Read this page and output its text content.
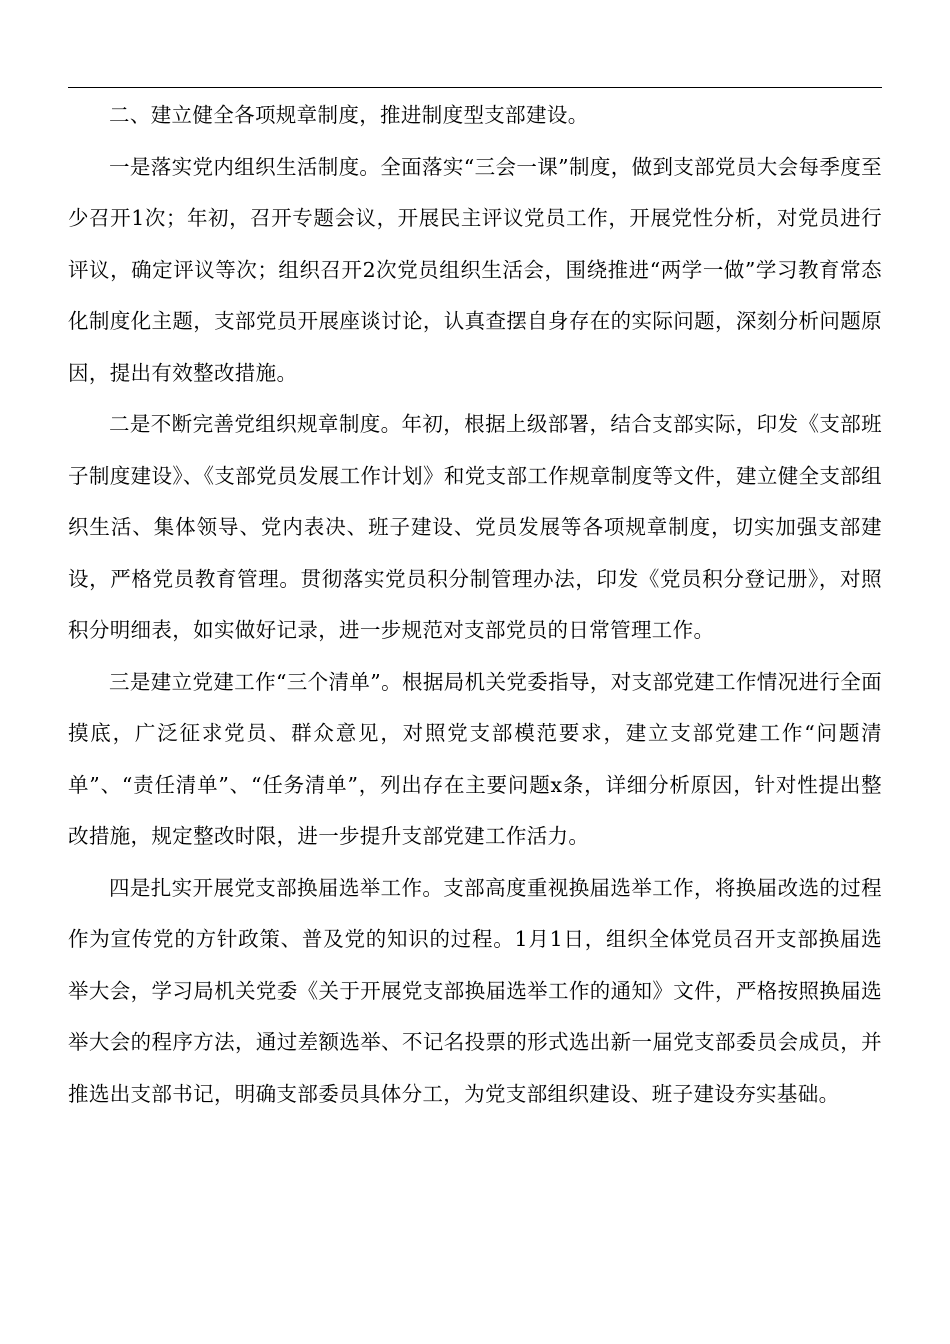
二、建立健全各项规章制度，推进制度型支部建设。

一是落实党内组织生活制度。全面落实“三会一课”制度，做到支部党员大会每季度至少召开1次；年初，召开专题会议，开展民主评议党员工作，开展党性分析，对党员进行评议，确定评议等次；组织召开2次党员组织生活会，围绕推进“两学一做”学习教育常态化制度化主题，支部党员开展座谈讨论，认真查摆自身存在的实际问题，深刻分析问题原因，提出有效整改措施。

二是不断完善党组织规章制度。年初，根据上级部署，结合支部实际，印发《支部班子制度建设》、《支部党员发展工作计划》和党支部工作规章制度等文件，建立健全支部组织生活、集体领导、党内表决、班子建设、党员发展等各项规章制度，切实加强支部建设，严格党员教育管理。贯彻落实党员积分制管理办法，印发《党员积分登记册》，对照积分明细表，如实做好记录，进一步规范对支部党员的日常管理工作。

三是建立党建工作“三个清单”。根据局机关党委指导，对支部党建工作情况进行全面摸底，广泛征求党员、群众意见，对照党支部模范要求，建立支部党建工作“问题清单”、“责任清单”、“任务清单”，列出存在主要问题x条，详细分析原因，针对性提出整改措施，规定整改时限，进一步提升支部党建工作活力。

四是扎实开展党支部换届选举工作。支部高度重视换届选举工作，将换届改选的过程作为宣传党的方针政策、普及党的知识的过程。1月1日，组织全体党员召开支部换届选举大会，学习局机关党委《关于开展党支部换届选举工作的通知》文件，严格按照换届选举大会的程序方法，通过差额选举、不记名投票的形式选出新一届党支部委员会成员，并推选出支部书记，明确支部委员具体分工，为党支部组织建设、班子建设夯实基础。
